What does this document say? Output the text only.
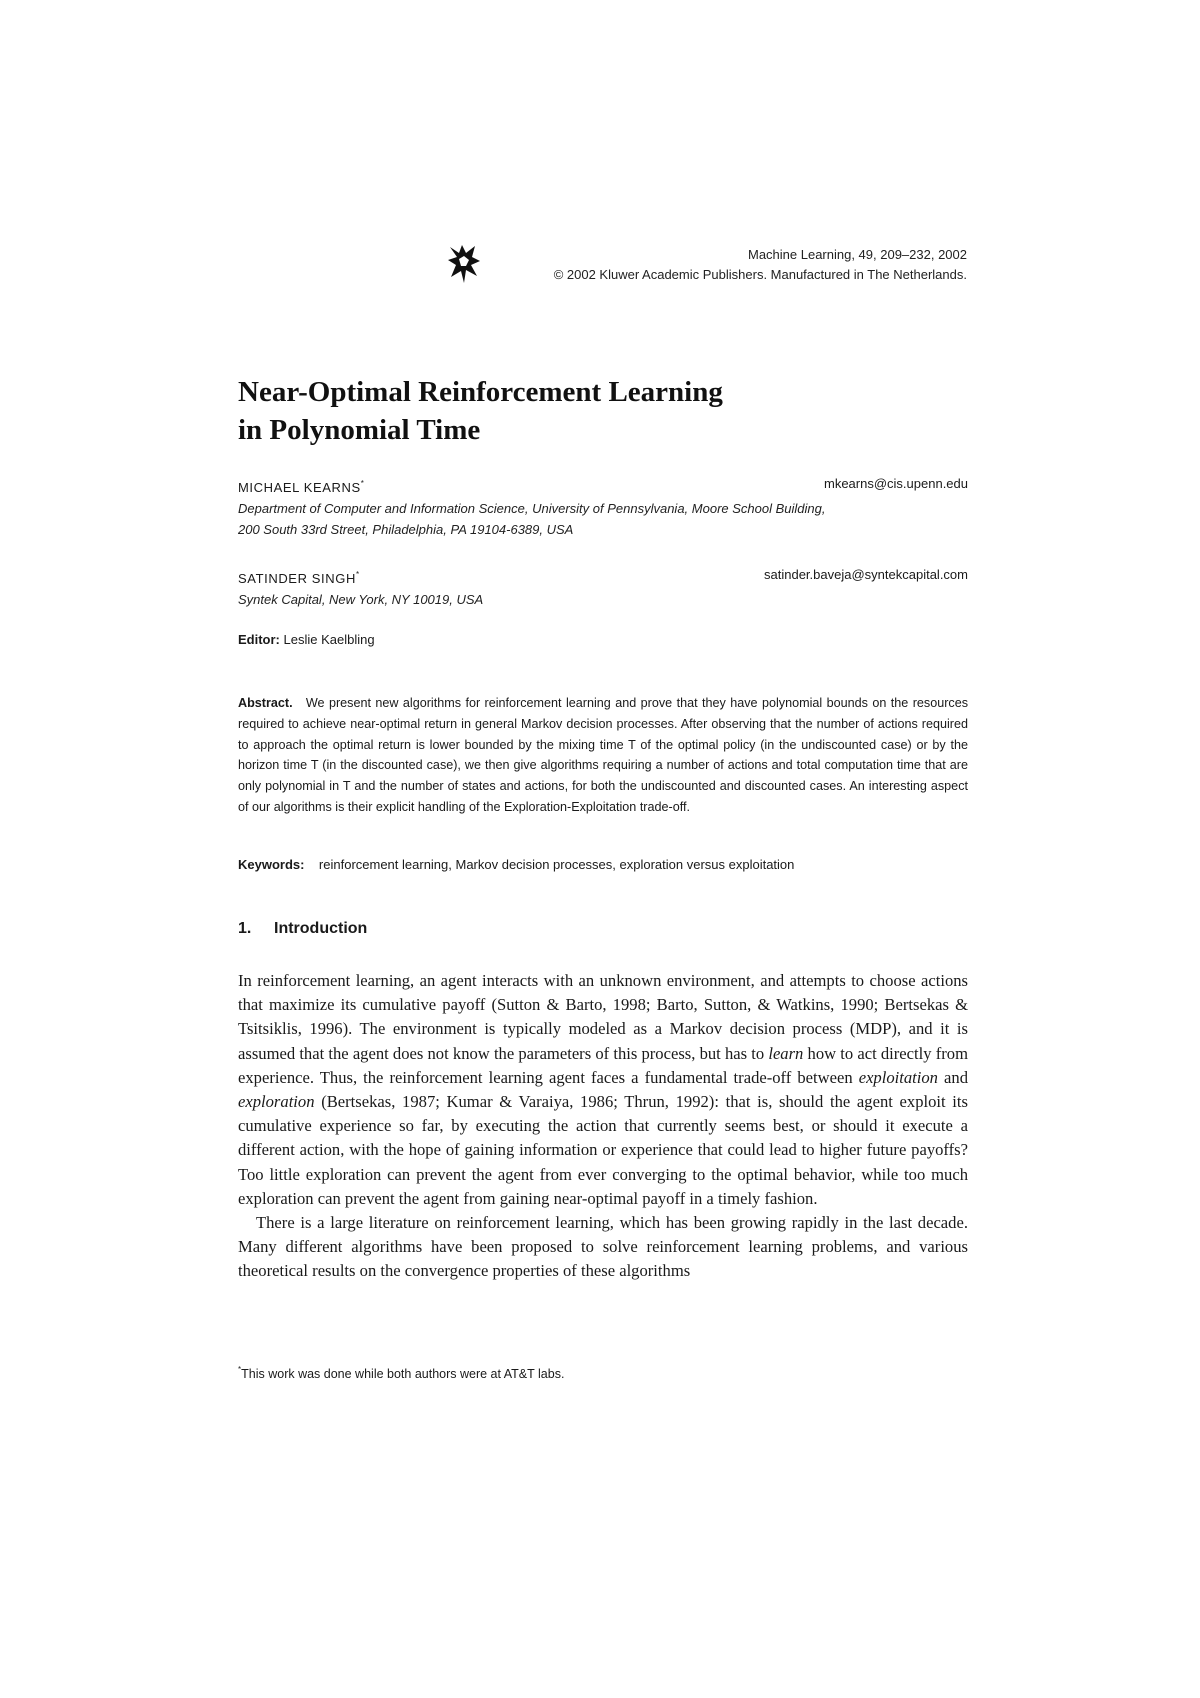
Machine Learning, 49, 209–232, 2002
© 2002 Kluwer Academic Publishers. Manufactured in The Netherlands.
Near-Optimal Reinforcement Learning
in Polynomial Time
MICHAEL KEARNS*	mkearns@cis.upenn.edu
Department of Computer and Information Science, University of Pennsylvania, Moore School Building,
200 South 33rd Street, Philadelphia, PA 19104-6389, USA
SATINDER SINGH*	satinder.baveja@syntekcapital.com
Syntek Capital, New York, NY 10019, USA
Editor: Leslie Kaelbling
Abstract. We present new algorithms for reinforcement learning and prove that they have polynomial bounds on the resources required to achieve near-optimal return in general Markov decision processes. After observing that the number of actions required to approach the optimal return is lower bounded by the mixing time T of the optimal policy (in the undiscounted case) or by the horizon time T (in the discounted case), we then give algorithms requiring a number of actions and total computation time that are only polynomial in T and the number of states and actions, for both the undiscounted and discounted cases. An interesting aspect of our algorithms is their explicit handling of the Exploration-Exploitation trade-off.
Keywords: reinforcement learning, Markov decision processes, exploration versus exploitation
1. Introduction

In reinforcement learning, an agent interacts with an unknown environment, and attempts to choose actions that maximize its cumulative payoff (Sutton & Barto, 1998; Barto, Sutton, & Watkins, 1990; Bertsekas & Tsitsiklis, 1996). The environment is typically modeled as a Markov decision process (MDP), and it is assumed that the agent does not know the parameters of this process, but has to learn how to act directly from experience. Thus, the reinforcement learning agent faces a fundamental trade-off between exploitation and exploration (Bertsekas, 1987; Kumar & Varaiya, 1986; Thrun, 1992): that is, should the agent exploit its cumulative experience so far, by executing the action that currently seems best, or should it execute a different action, with the hope of gaining information or experience that could lead to higher future payoffs? Too little exploration can prevent the agent from ever converging to the optimal behavior, while too much exploration can prevent the agent from gaining near-optimal payoff in a timely fashion.

There is a large literature on reinforcement learning, which has been growing rapidly in the last decade. Many different algorithms have been proposed to solve reinforcement learning problems, and various theoretical results on the convergence properties of these algorithms

*This work was done while both authors were at AT&T labs.
